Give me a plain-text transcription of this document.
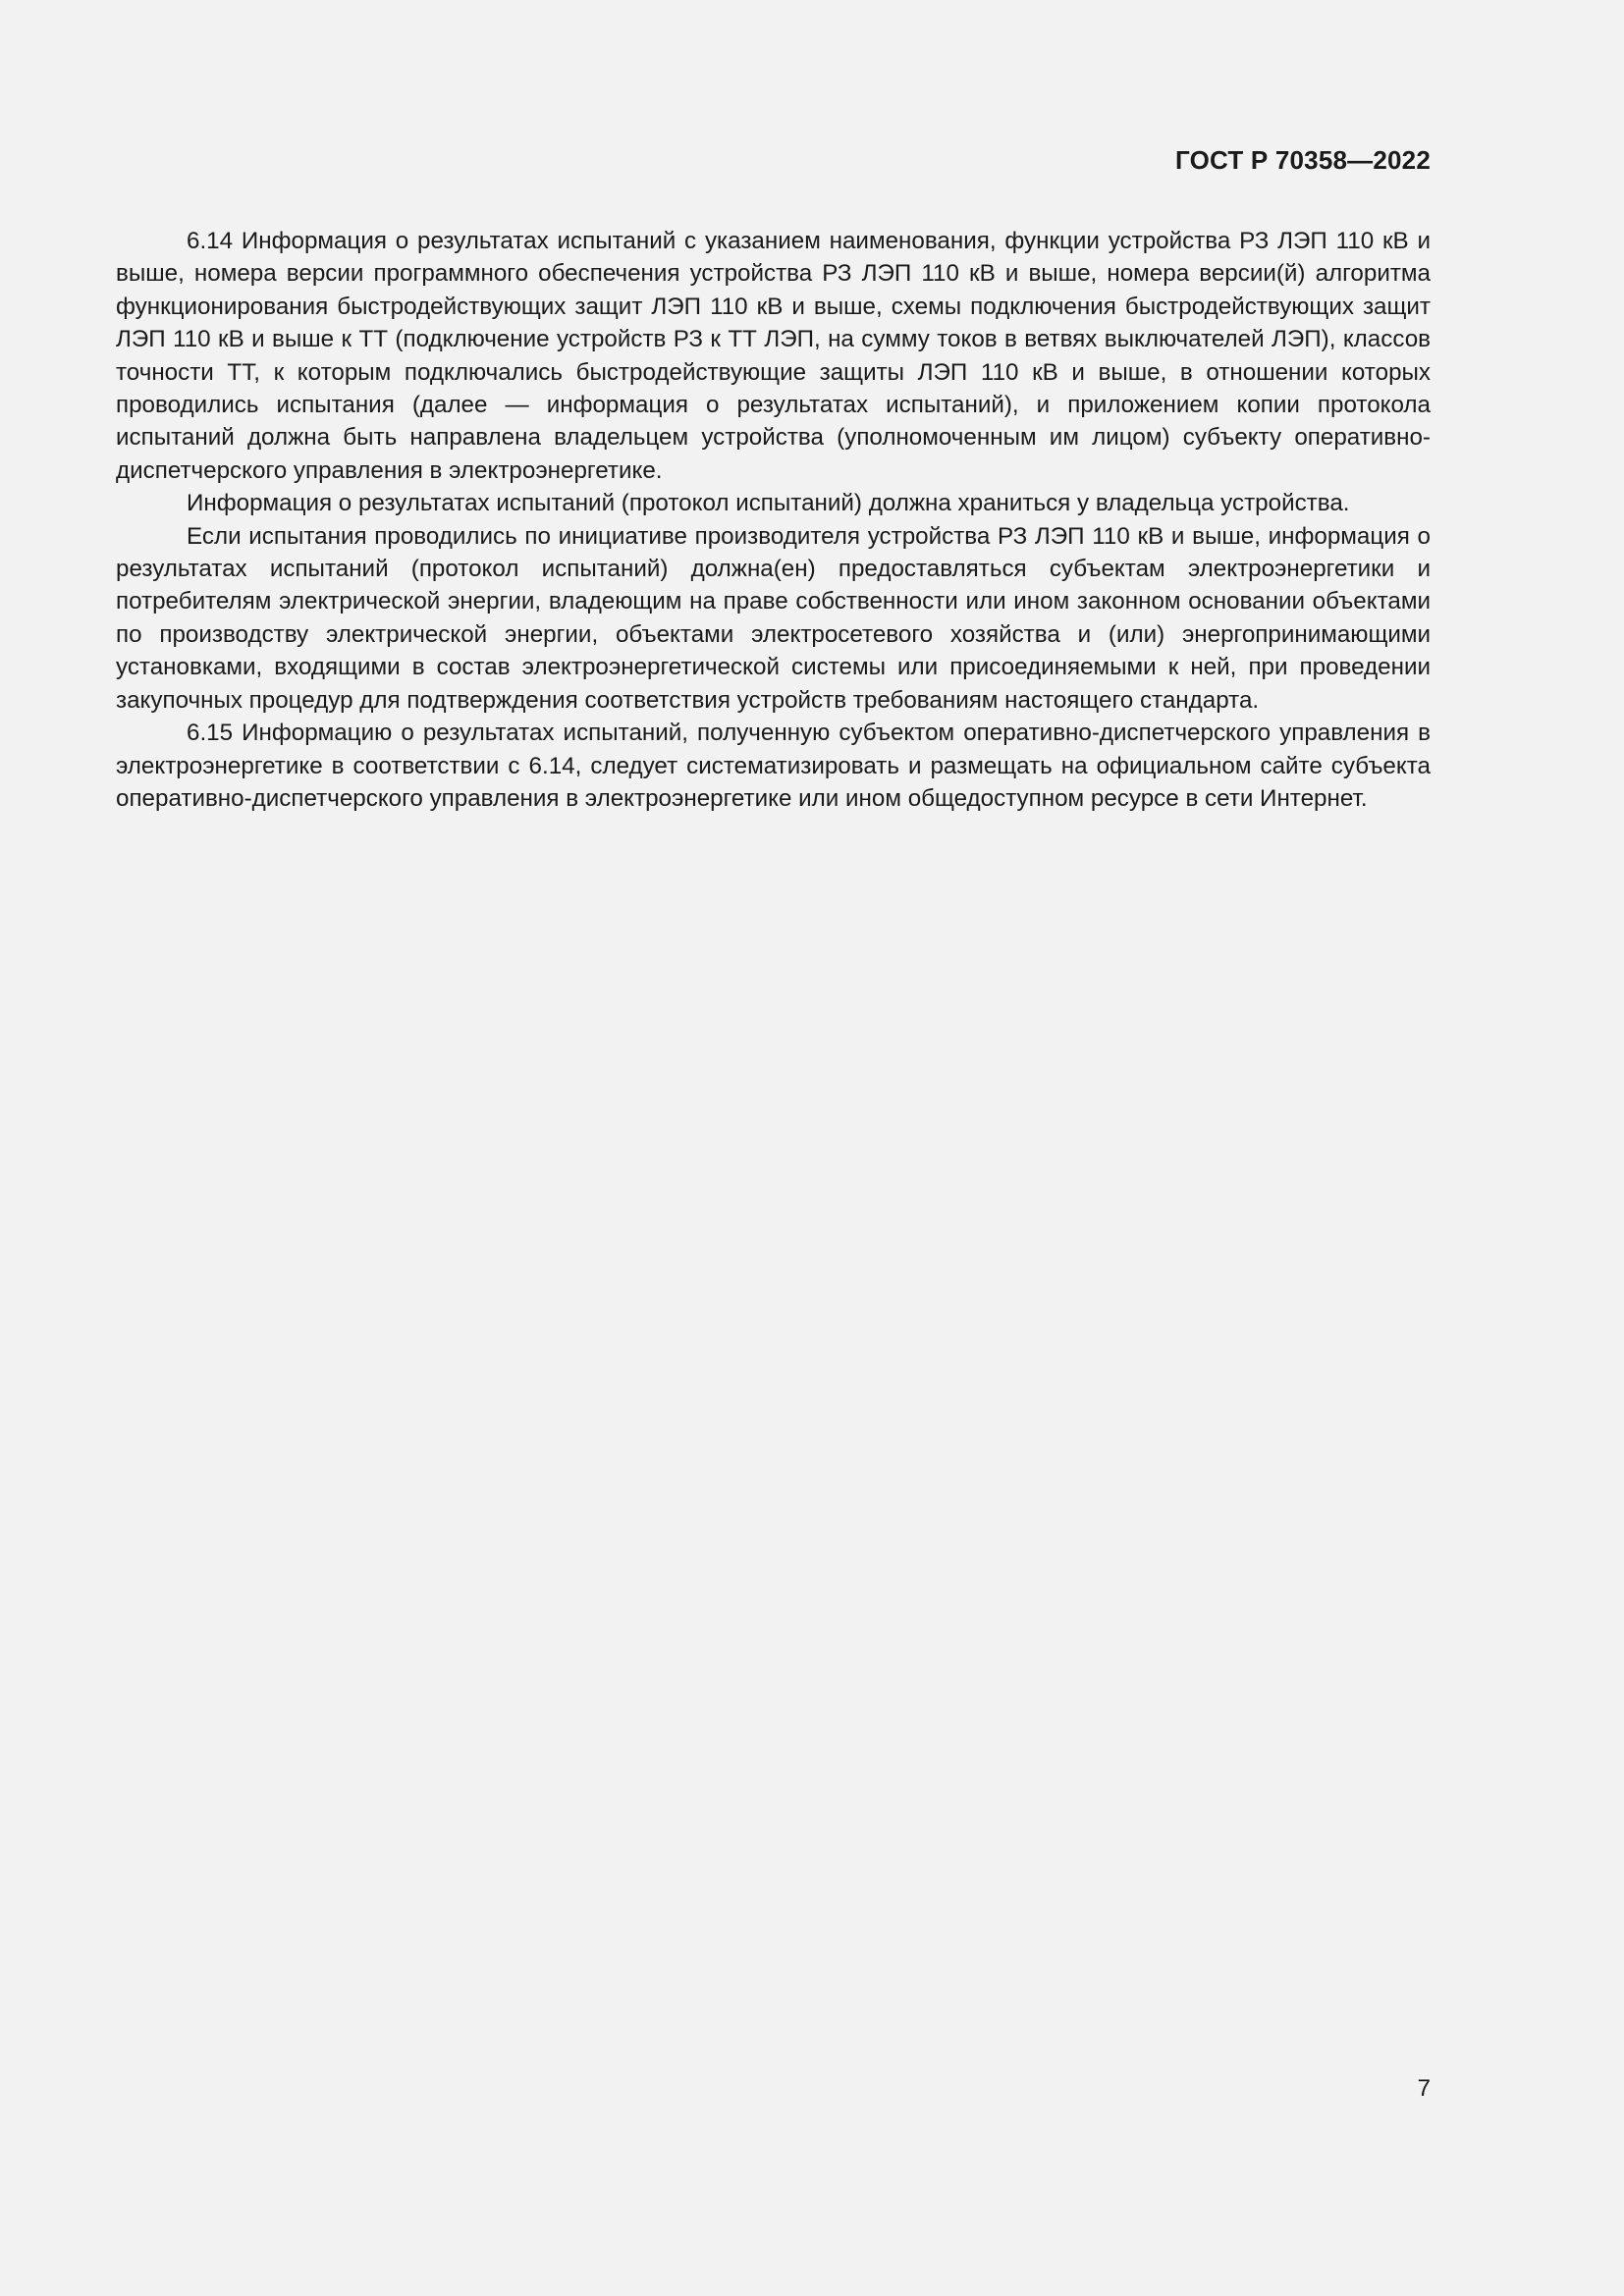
ГОСТ Р 70358—2022

6.14 Информация о результатах испытаний с указанием наименования, функции устройства РЗ ЛЭП 110 кВ и выше, номера версии программного обеспечения устройства РЗ ЛЭП 110 кВ и выше, номера версии(й) алгоритма функционирования быстродействующих защит ЛЭП 110 кВ и выше, схемы подключения быстродействующих защит ЛЭП 110 кВ и выше к ТТ (подключение устройств РЗ к ТТ ЛЭП, на сумму токов в ветвях выключателей ЛЭП), классов точности ТТ, к которым подключались быстродействующие защиты ЛЭП 110 кВ и выше, в отношении которых проводились испытания (далее — информация о результатах испытаний), и приложением копии протокола испытаний должна быть направлена владельцем устройства (уполномоченным им лицом) субъекту оперативно-диспетчерского управления в электроэнергетике.

Информация о результатах испытаний (протокол испытаний) должна храниться у владельца устройства.

Если испытания проводились по инициативе производителя устройства РЗ ЛЭП 110 кВ и выше, информация о результатах испытаний (протокол испытаний) должна(ен) предоставляться субъектам электроэнергетики и потребителям электрической энергии, владеющим на праве собственности или ином законном основании объектами по производству электрической энергии, объектами электросетевого хозяйства и (или) энергопринимающими установками, входящими в состав электроэнергетической системы или присоединяемыми к ней, при проведении закупочных процедур для подтверждения соответствия устройств требованиям настоящего стандарта.

6.15 Информацию о результатах испытаний, полученную субъектом оперативно-диспетчерского управления в электроэнергетике в соответствии с 6.14, следует систематизировать и размещать на официальном сайте субъекта оперативно-диспетчерского управления в электроэнергетике или ином общедоступном ресурсе в сети Интернет.

7
